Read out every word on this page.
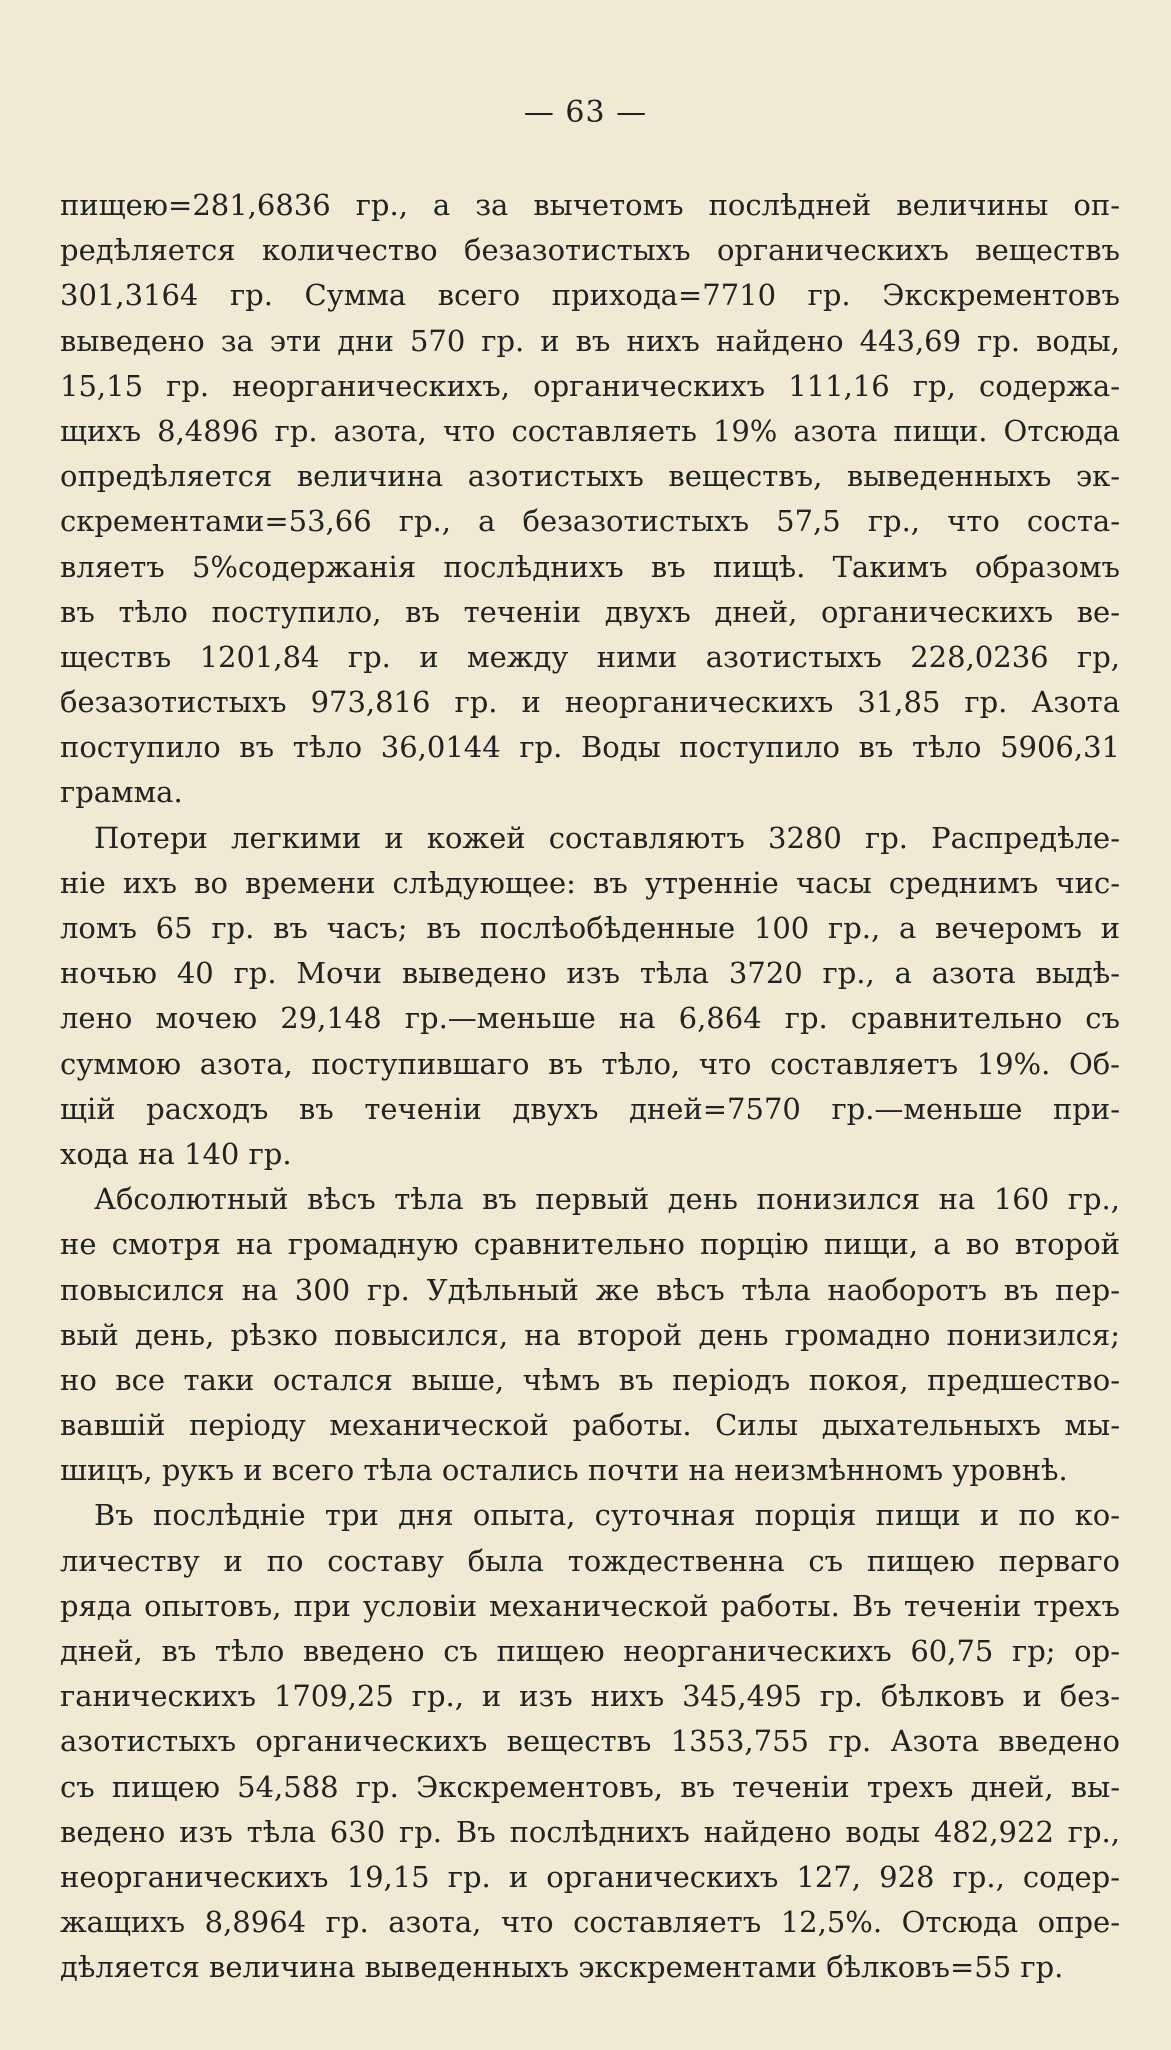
— 63 —
пищею=281,6836 гр., а за вычетомъ послѣдней величины оп-
редѣляется количество безазотистыхъ органическихъ веществъ
301,3164 гр. Сумма всего прихода=7710 гр. Экскрементовъ
выведено за эти дни 570 гр. и въ нихъ найдено 443,69 гр. воды,
15,15 гр. неорганическихъ, органическихъ 111,16 гр, содержа-
щихъ 8,4896 гр. азота, что составляеть 19% азота пищи. Отсюда
опредѣляется величина азотистыхъ веществъ, выведенныхъ эк-
скрементами=53,66 гр., а безазотистыхъ 57,5 гр., что соста-
вляетъ 5%содержанія послѣднихъ въ пищѣ. Такимъ образомъ
въ тѣло поступило, въ теченіи двухъ дней, органическихъ ве-
ществъ 1201,84 гр. и между ними азотистыхъ 228,0236 гр,
безазотистыхъ 973,816 гр. и неорганическихъ 31,85 гр. Азота
поступило въ тѣло 36,0144 гр. Воды поступило въ тѣло 5906,31
грамма.
Потери легкими и кожей составляютъ 3280 гр. Распредѣле-
ніе ихъ во времени слѣдующее: въ утренніе часы среднимъ чис-
ломъ 65 гр. въ часъ; въ послѣобѣденные 100 гр., а вечеромъ и
ночью 40 гр. Мочи выведено изъ тѣла 3720 гр., а азота выдѣ-
лено мочею 29,148 гр.—меньше на 6,864 гр. сравнительно съ
суммою азота, поступившаго въ тѣло, что составляетъ 19%. Об-
щій расходъ въ теченіи двухъ дней=7570 гр.—меньше при-
хода на 140 гр.
Абсолютный вѣсъ тѣла въ первый день понизился на 160 гр.,
не смотря на громадную сравнительно порцію пищи, а во второй
повысился на 300 гр. Удѣльный же вѣсъ тѣла наоборотъ въ пер-
вый день, рѣзко повысился, на второй день громадно понизился;
но все таки остался выше, чѣмъ въ періодъ покоя, предшество-
вавшій періоду механической работы. Силы дыхательныхъ мы-
шицъ, рукъ и всего тѣла остались почти на неизмѣнномъ уровнѣ.
Въ послѣдніе три дня опыта, суточная порція пищи и по ко-
личеству и по составу была тождественна съ пищею перваго
ряда опытовъ, при условіи механической работы. Въ теченіи трехъ
дней, въ тѣло введено съ пищею неорганическихъ 60,75 гр; ор-
ганическихъ 1709,25 гр., и изъ нихъ 345,495 гр. бѣлковъ и без-
азотистыхъ органическихъ веществъ 1353,755 гр. Азота введено
съ пищею 54,588 гр. Экскрементовъ, въ теченіи трехъ дней, вы-
ведено изъ тѣла 630 гр. Въ послѣднихъ найдено воды 482,922 гр.,
неорганическихъ 19,15 гр. и органическихъ 127, 928 гр., содер-
жащихъ 8,8964 гр. азота, что составляетъ 12,5%. Отсюда опре-
дѣляется величина выведенныхъ экскрементами бѣлковъ=55 гр.
